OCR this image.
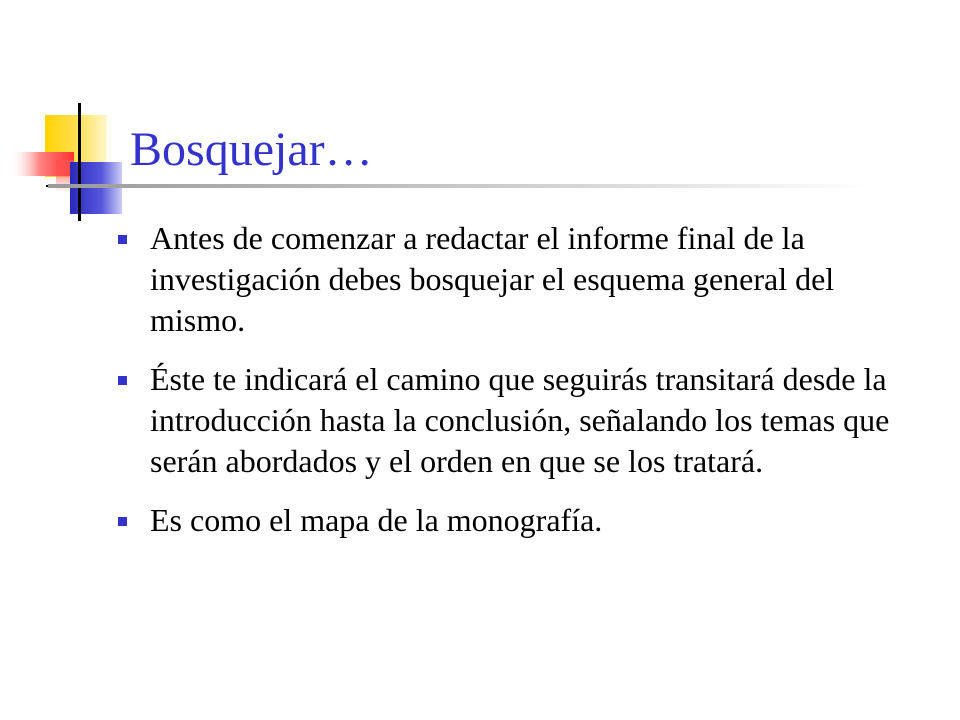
Bosquejar…
Antes de comenzar a redactar el informe final de la investigación debes bosquejar el esquema general del mismo.
Éste te indicará el camino que seguirás transitará desde la introducción hasta la conclusión, señalando los temas que serán abordados y el orden en que se los tratará.
Es como el mapa de la monografía.
